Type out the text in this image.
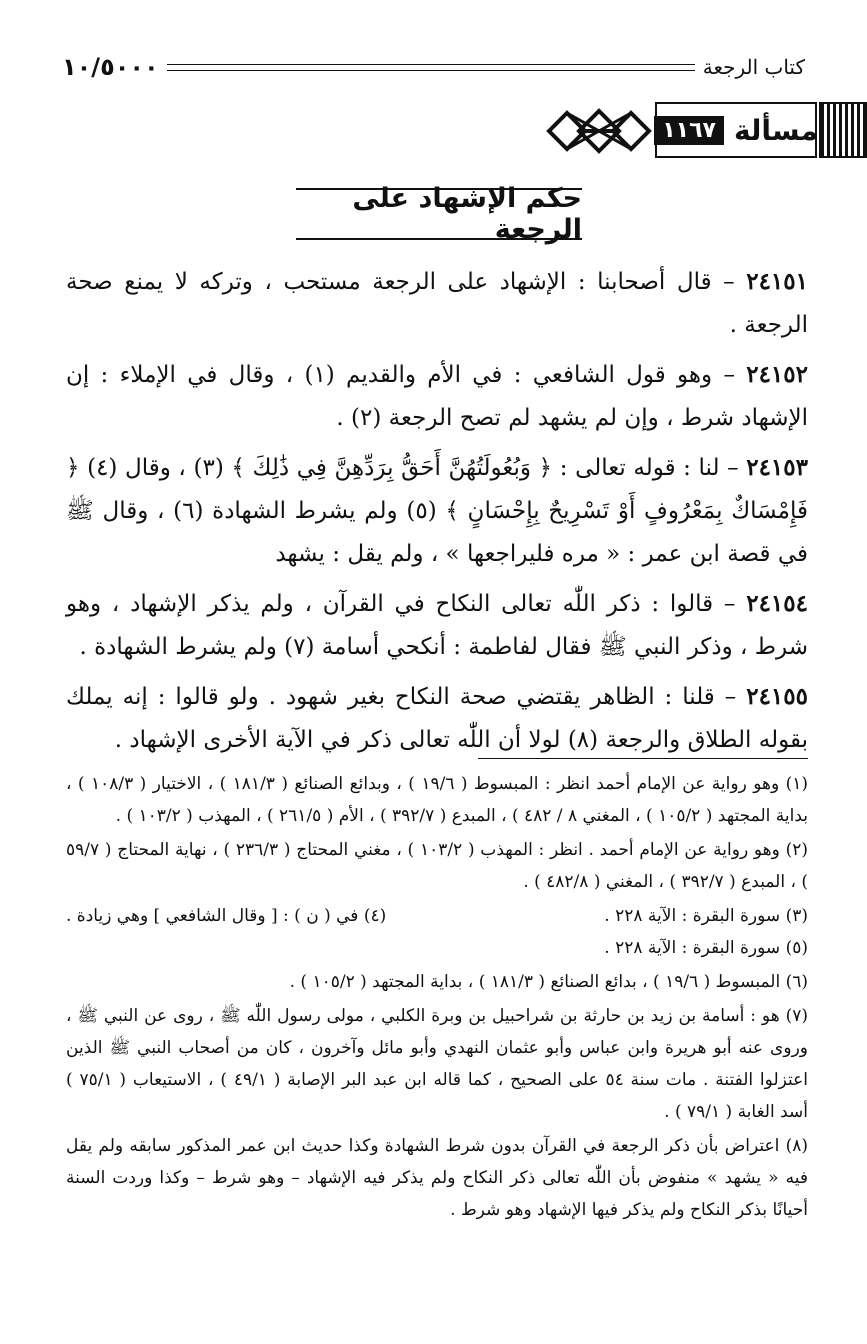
١٠/٥٠٠٠	كتاب الرجعة
مسألة
١١٦٧
حكم الإشهاد على الرجعة

٢٤١٥١ – قال أصحابنا : الإشهاد على الرجعة مستحب ، وتركه لا يمنع صحة الرجعة .

٢٤١٥٢ – وهو قول الشافعي : في الأم والقديم (١) ، وقال في الإملاء : إن الإشهاد شرط ، وإن لم يشهد لم تصح الرجعة (٢) .

٢٤١٥٣ – لنا : قوله تعالى : ﴿ وَبُعُولَتُهُنَّ أَحَقُّ بِرَدِّهِنَّ فِي ذَٰلِكَ ﴾ (٣) ، وقال (٤) ﴿ فَإِمْسَاكٌ بِمَعْرُوفٍ أَوْ تَسْرِيحٌ بِإِحْسَانٍ ﴾ (٥) ولم يشرط الشهادة (٦) ، وقال ﷺ في قصة ابن عمر : « مره فليراجعها » ، ولم يقل : يشهد

٢٤١٥٤ – قالوا : ذكر اللّٰه تعالى النكاح في القرآن ، ولم يذكر الإشهاد ، وهو شرط ، وذكر النبي ﷺ فقال لفاطمة : أنكحي أسامة (٧) ولم يشرط الشهادة .

٢٤١٥٥ – قلنا : الظاهر يقتضي صحة النكاح بغير شهود . ولو قالوا : إنه يملك بقوله الطلاق والرجعة (٨) لولا أن اللّٰه تعالى ذكر في الآية الأخرى الإشهاد .

(١) وهو رواية عن الإمام أحمد انظر : المبسوط ( ١٩/٦ ) ، وبدائع الصنائع ( ١٨١/٣ ) ، الاختيار ( ١٠٨/٣ ) ، بداية المجتهد ( ١٠٥/٢ ) ، المغني ٨ / ٤٨٢ ) ، المبدع ( ٣٩٢/٧ ) ، الأم ( ٢٦١/٥ ) ، المهذب ( ١٠٣/٢ ) .

(٢) وهو رواية عن الإمام أحمد . انظر : المهذب ( ١٠٣/٢ ) ، مغني المحتاج ( ٢٣٦/٣ ) ، نهاية المحتاج ( ٥٩/٧ ) ، المبدع ( ٣٩٢/٧ ) ، المغني ( ٤٨٢/٨ ) .

(٣) سورة البقرة : الآية ٢٢٨ .
(٤) في ( ن ) : [ وقال الشافعي ] وهي زيادة .

(٥) سورة البقرة : الآية ٢٢٨ .

(٦) المبسوط ( ١٩/٦ ) ، بدائع الصنائع ( ١٨١/٣ ) ، بداية المجتهد ( ١٠٥/٢ ) .

(٧) هو : أسامة بن زيد بن حارثة بن شراحبيل بن وبرة الكلبي ، مولى رسول اللّٰه ﷺ ، روى عن النبي ﷺ ، وروى عنه أبو هريرة وابن عباس وأبو عثمان النهدي وأبو مائل وآخرون ، كان من أصحاب النبي ﷺ الذين اعتزلوا الفتنة . مات سنة ٥٤ على الصحيح ، كما قاله ابن عبد البر الإصابة ( ٤٩/١ ) ، الاستيعاب ( ٧٥/١ ) أسد الغابة ( ٧٩/١ ) .

(٨) اعتراض بأن ذكر الرجعة في القرآن بدون شرط الشهادة وكذا حديث ابن عمر المذكور سابقه ولم يقل فيه « يشهد » منفوض بأن اللّٰه تعالى ذكر النكاح ولم يذكر فيه الإشهاد – وهو شرط – وكذا وردت السنة أحيانًا بذكر النكاح ولم يذكر فيها الإشهاد وهو شرط .
